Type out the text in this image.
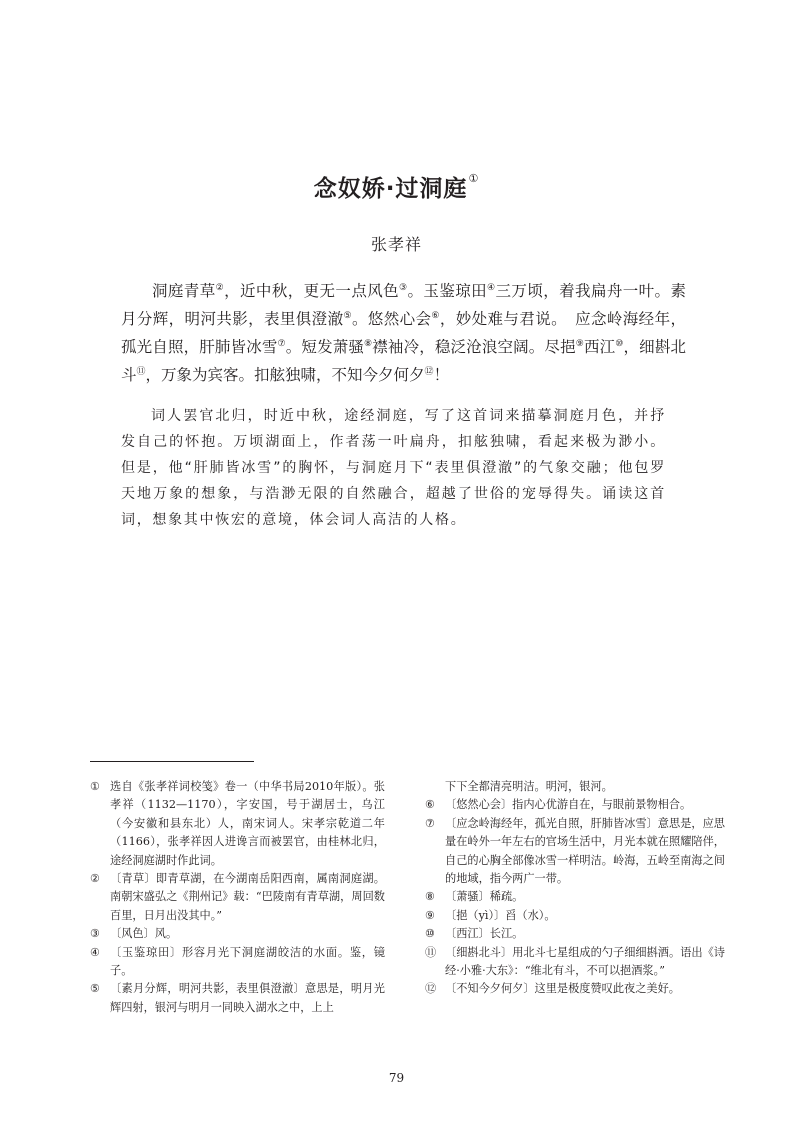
念奴娇·过洞庭①
张孝祥
洞庭青草②，近中秋，更无一点风色③。玉鉴琼田④三万顷，着我扁舟一叶。素月分辉，明河共影，表里俱澄澈⑤。悠然心会⑥，妙处难与君说。　应念岭海经年，孤光自照，肝肺皆冰雪⑦。短发萧骚⑧襟袖冷，稳泛沧浪空阔。尽挹⑨西江⑩，细斟北斗⑪，万象为宾客。扣舷独啸，不知今夕何夕⑫！
词人罢官北归，时近中秋，途经洞庭，写了这首词来描摹洞庭月色，并抒发自己的怀抱。万顷湖面上，作者荡一叶扁舟，扣舷独啸，看起来极为渺小。但是，他“肝肺皆冰雪”的胸怀，与洞庭月下“表里俱澄澈”的气象交融；他包罗天地万象的想象，与浩渺无限的自然融合，超越了世俗的宠辱得失。诵读这首词，想象其中恢宏的意境，体会词人高洁的人格。
① 选自《张孝祥词校笺》卷一（中华书局2010年版）。张孝祥（1132—1170），字安国，号于湖居士，乌江（今安徽和县东北）人，南宋词人。宋孝宗乾道二年（1166），张孝祥因人进谗言而被罢官，由桂林北归，途经洞庭湖时作此词。
② 〔青草〕即青草湖，在今湖南岳阳西南，属南洞庭湖。南朝宋盛弘之《荆州记》载：“巴陵南有青草湖，周回数百里，日月出没其中。”
③ 〔风色〕风。
④ 〔玉鉴琼田〕形容月光下洞庭湖皎洁的水面。鉴，镜子。
⑤ 〔素月分辉，明河共影，表里俱澄澈〕意思是，明月光辉四射，银河与明月一同映入湖水之中，上上
下下全都清亮明洁。明河，银河。
⑥ 〔悠然心会〕指内心优游自在，与眼前景物相合。
⑦ 〔应念岭海经年，孤光自照，肝肺皆冰雪〕意思是，应思量在岭外一年左右的官场生活中，月光本就在照耀陪伴，自己的心胸全部像冰雪一样明洁。岭海，五岭至南海之间的地域，指今两广一带。
⑧ 〔萧骚〕稀疏。
⑨ 〔挹（yì）〕舀（水）。
⑩ 〔西江〕长江。
⑪ 〔细斟北斗〕用北斗七星组成的勺子细细斟酒。语出《诗经·小雅·大东》：“维北有斗，不可以挹酒浆。”
⑫ 〔不知今夕何夕〕这里是极度赞叹此夜之美好。
79
